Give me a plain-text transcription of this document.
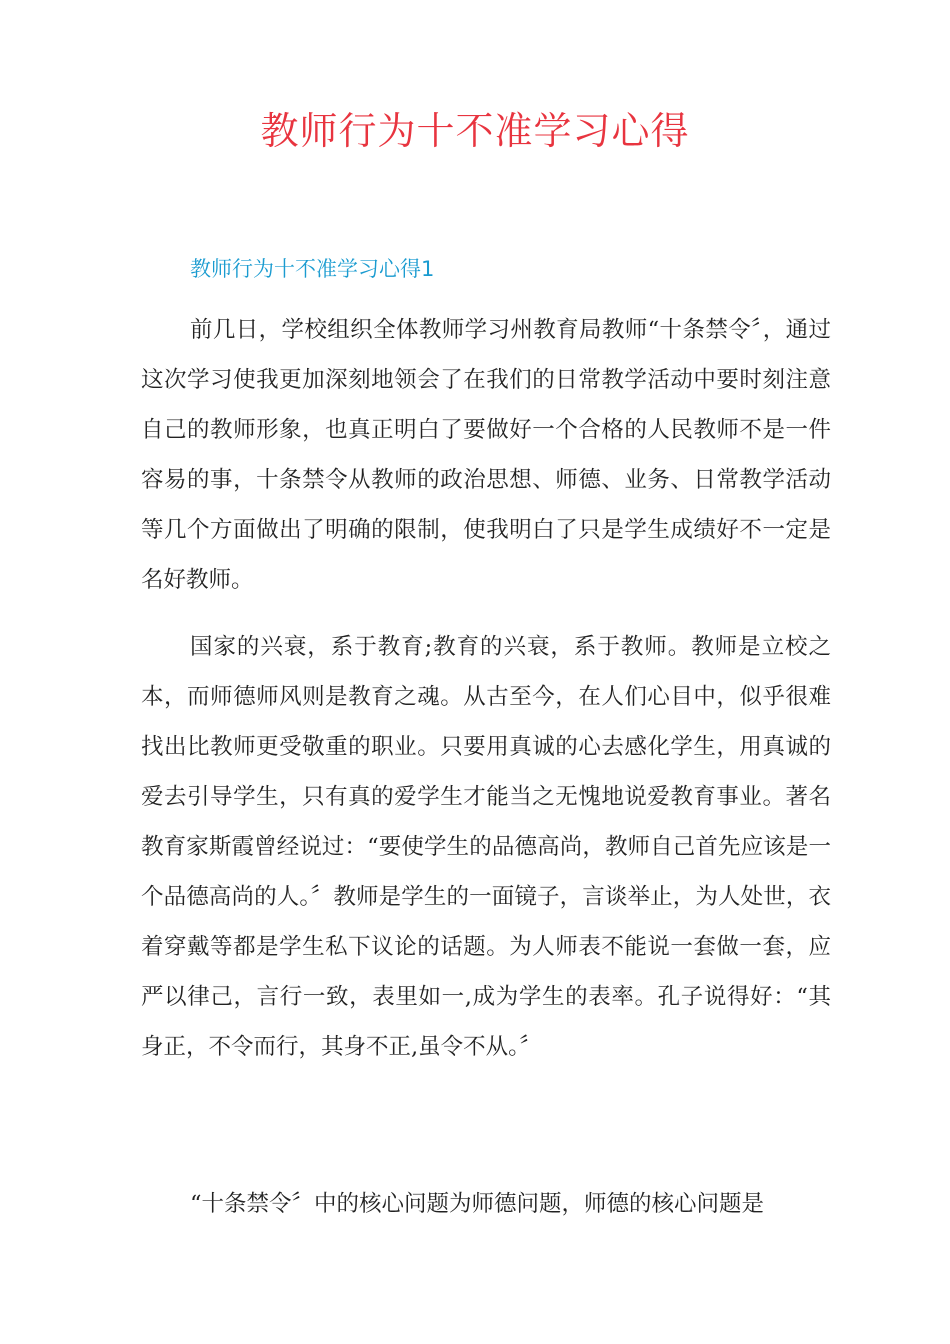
教师行为十不准学习心得
教师行为十不准学习心得1

前几日，学校组织全体教师学习州教育局教师“十条禁令〞，通过这次学习使我更加深刻地领会了在我们的日常教学活动中要时刻注意自己的教师形象，也真正明白了要做好一个合格的人民教师不是一件容易的事，十条禁令从教师的政治思想、师德、业务、日常教学活动等几个方面做出了明确的限制，使我明白了只是学生成绩好不一定是名好教师。

国家的兴衰，系于教育;教育的兴衰，系于教师。教师是立校之本，而师德师风则是教育之魂。从古至今，在人们心目中，似乎很难找出比教师更受敬重的职业。只要用真诚的心去感化学生，用真诚的爱去引导学生，只有真的爱学生才能当之无愧地说爱教育事业。著名教育家斯霞曾经说过：“要使学生的品德高尚，教师自己首先应该是一个品德高尚的人。〞教师是学生的一面镜子，言谈举止，为人处世，衣着穿戴等都是学生私下议论的话题。为人师表不能说一套做一套，应严以律己，言行一致，表里如一,成为学生的表率。孔子说得好：“其身正，不令而行，其身不正,虽令不从。〞

“十条禁令〞中的核心问题为师德问题，师德的核心问题是
